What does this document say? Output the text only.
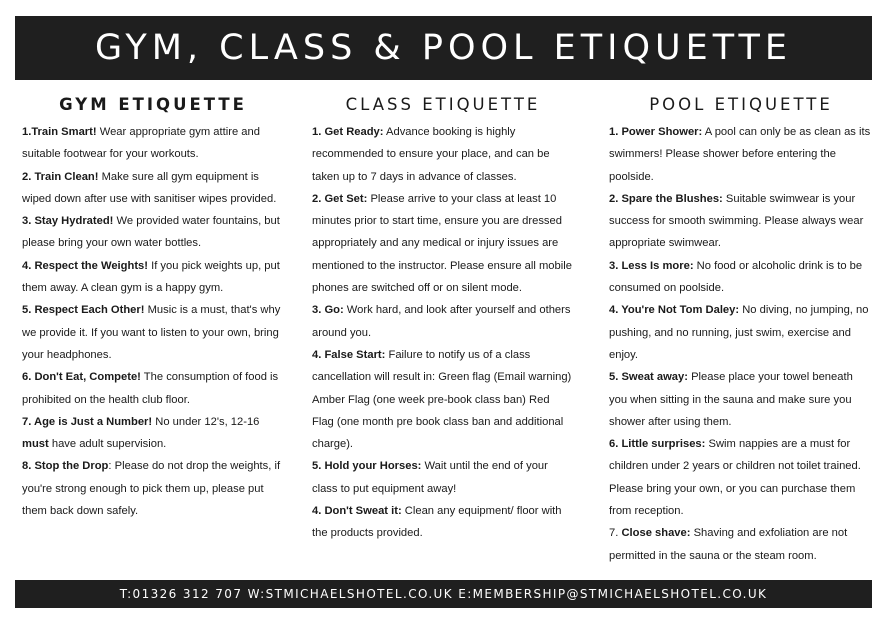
GYM, CLASS & POOL ETIQUETTE
GYM ETIQUETTE

1.Train Smart! Wear appropriate gym attire and suitable footwear for your workouts.

2. Train Clean! Make sure all gym equipment is wiped down after use with sanitiser wipes provided.

3. Stay Hydrated! We provided water fountains, but please bring your own water bottles.

4. Respect the Weights! If you pick weights up, put them away. A clean gym is a happy gym.

5. Respect Each Other! Music is a must, that's why we provide it. If you want to listen to your own, bring your headphones.

6. Don't Eat, Compete! The consumption of food is prohibited on the health club floor.

7. Age is Just a Number! No under 12's, 12-16 must have adult supervision.

8. Stop the Drop: Please do not drop the weights, if you're strong enough to pick them up, please put them back down safely.

CLASS ETIQUETTE

1. Get Ready: Advance booking is highly recommended to ensure your place, and can be taken up to 7 days in advance of classes.

2. Get Set: Please arrive to your class at least 10 minutes prior to start time, ensure you are dressed appropriately and any medical or injury issues are mentioned to the instructor. Please ensure all mobile phones are switched off or on silent mode.

3. Go: Work hard, and look after yourself and others around you.

4. False Start: Failure to notify us of a class cancellation will result in: Green flag (Email warning) Amber Flag (one week pre-book class ban) Red Flag (one month pre book class ban and additional charge).

5. Hold your Horses: Wait until the end of your class to put equipment away!

4. Don't Sweat it: Clean any equipment/ floor with the products provided.

POOL ETIQUETTE

1. Power Shower: A pool can only be as clean as its swimmers! Please shower before entering the poolside.

2. Spare the Blushes: Suitable swimwear is your success for smooth swimming. Please always wear appropriate swimwear.

3. Less Is more: No food or alcoholic drink is to be consumed on poolside.

4. You're Not Tom Daley: No diving, no jumping, no pushing, and no running, just swim, exercise and enjoy.

5. Sweat away: Please place your towel beneath you when sitting in the sauna and make sure you shower after using them.

6. Little surprises: Swim nappies are a must for children under 2 years or children not toilet trained. Please bring your own, or you can purchase them from reception.

7. Close shave: Shaving and exfoliation are not permitted in the sauna or the steam room.

T:01326 312 707 W:STMICHAELSHOTEL.CO.UK E:MEMBERSHIP@STMICHAELSHOTEL.CO.UK
